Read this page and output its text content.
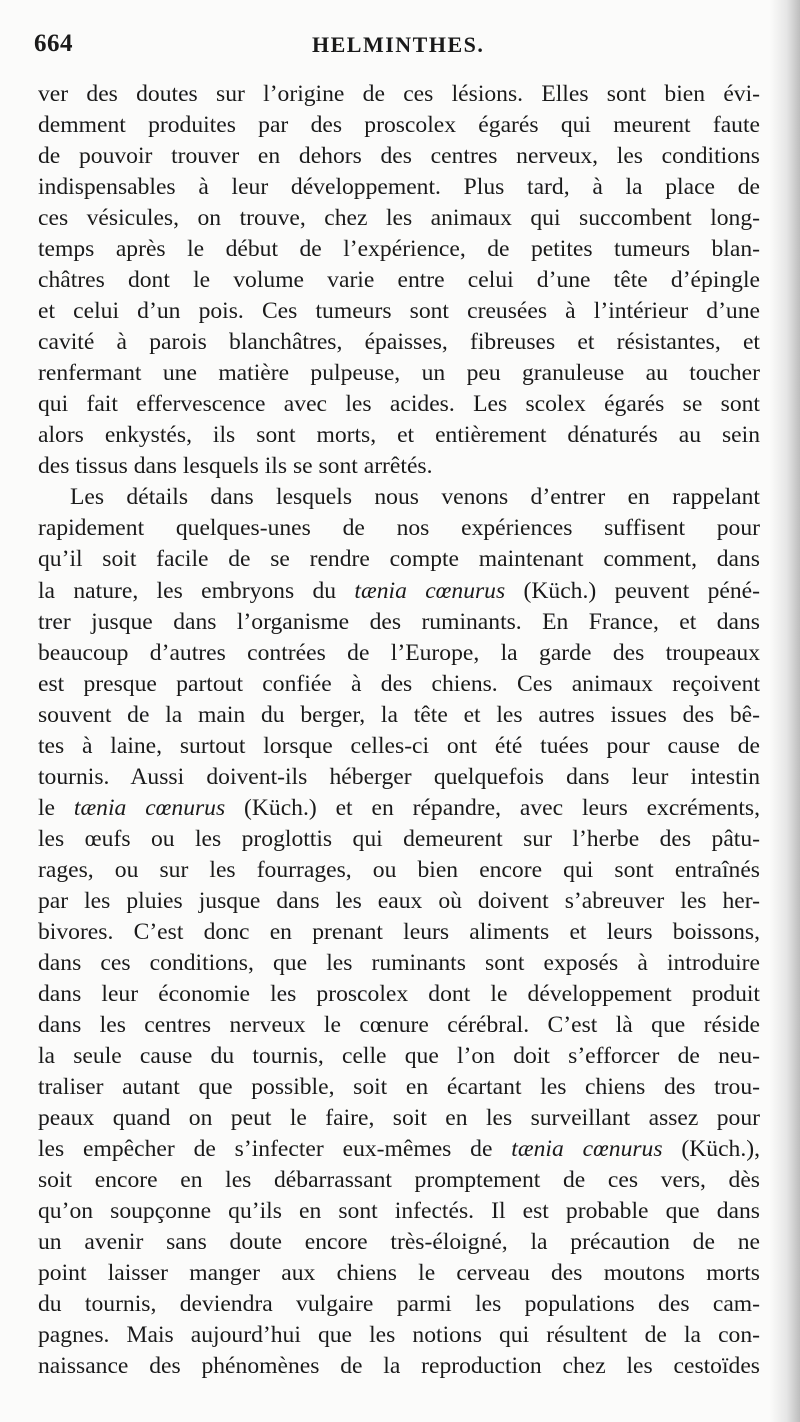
664	HELMINTHES.
ver des doutes sur l’origine de ces lésions. Elles sont bien évi-
demment produites par des proscolex égarés qui meurent faute
de pouvoir trouver en dehors des centres nerveux, les conditions
indispensables à leur développement. Plus tard, à la place de
ces vésicules, on trouve, chez les animaux qui succombent long-
temps après le début de l’expérience, de petites tumeurs blan-
châtres dont le volume varie entre celui d’une tête d’épingle
et celui d’un pois. Ces tumeurs sont creusées à l’intérieur d’une
cavité à parois blanchâtres, épaisses, fibreuses et résistantes, et
renfermant une matière pulpeuse, un peu granuleuse au toucher
qui fait effervescence avec les acides. Les scolex égarés se sont
alors enkystés, ils sont morts, et entièrement dénaturés au sein
des tissus dans lesquels ils se sont arrêtés.
Les détails dans lesquels nous venons d’entrer en rappelant
rapidement quelques-unes de nos expériences suffisent pour
qu’il soit facile de se rendre compte maintenant comment, dans
la nature, les embryons du tænia cœnurus (Küch.) peuvent péné-
trer jusque dans l’organisme des ruminants. En France, et dans
beaucoup d’autres contrées de l’Europe, la garde des troupeaux
est presque partout confiée à des chiens. Ces animaux reçoivent
souvent de la main du berger, la tête et les autres issues des bê-
tes à laine, surtout lorsque celles-ci ont été tuées pour cause de
tournis. Aussi doivent-ils héberger quelquefois dans leur intestin
le tænia cœnurus (Küch.) et en répandre, avec leurs excréments,
les œufs ou les proglottis qui demeurent sur l’herbe des pâtu-
rages, ou sur les fourrages, ou bien encore qui sont entraînés
par les pluies jusque dans les eaux où doivent s’abreuver les her-
bivores. C’est donc en prenant leurs aliments et leurs boissons,
dans ces conditions, que les ruminants sont exposés à introduire
dans leur économie les proscolex dont le développement produit
dans les centres nerveux le cœnure cérébral. C’est là que réside
la seule cause du tournis, celle que l’on doit s’efforcer de neu-
traliser autant que possible, soit en écartant les chiens des trou-
peaux quand on peut le faire, soit en les surveillant assez pour
les empêcher de s’infecter eux-mêmes de tænia cœnurus (Küch.),
soit encore en les débarrassant promptement de ces vers, dès
qu’on soupçonne qu’ils en sont infectés. Il est probable que dans
un avenir sans doute encore très-éloigné, la précaution de ne
point laisser manger aux chiens le cerveau des moutons morts
du tournis, deviendra vulgaire parmi les populations des cam-
pagnes. Mais aujourd’hui que les notions qui résultent de la con-
naissance des phénomènes de la reproduction chez les cestoïdes
